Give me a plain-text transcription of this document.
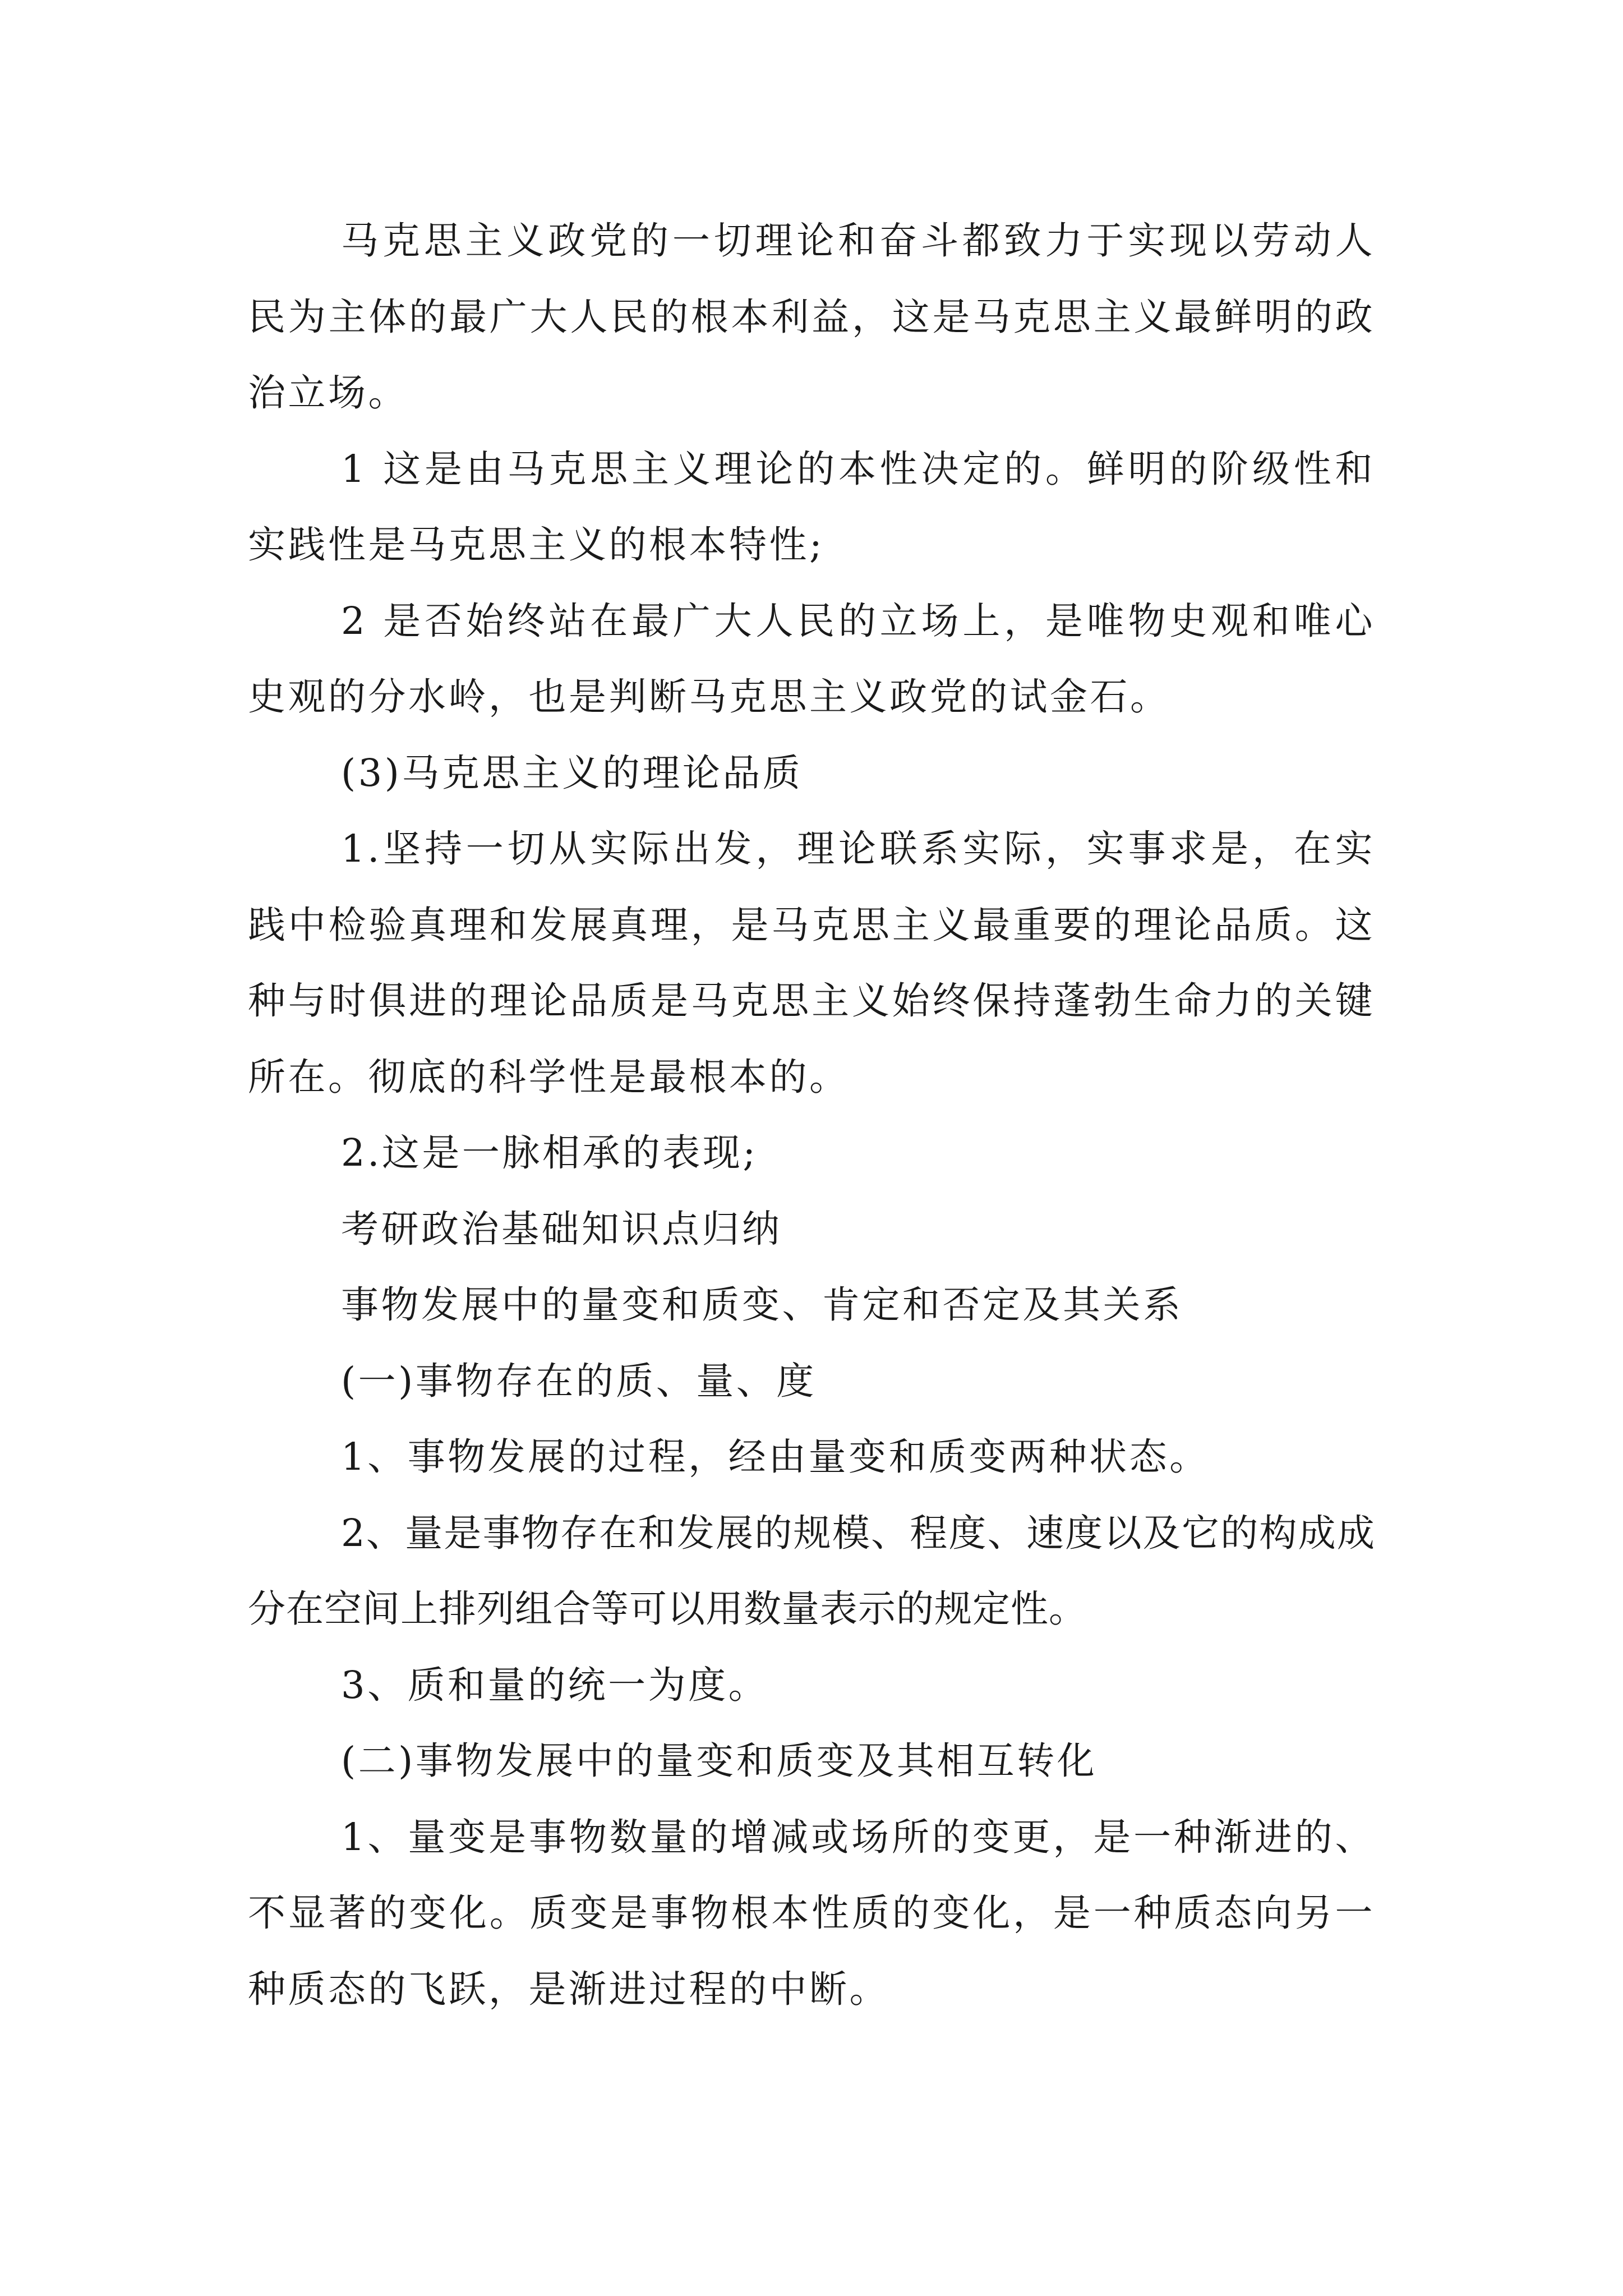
马克思主义政党的一切理论和奋斗都致力于实现以劳动人民为主体的最广大人民的根本利益，这是马克思主义最鲜明的政治立场。

1 这是由马克思主义理论的本性决定的。鲜明的阶级性和实践性是马克思主义的根本特性;

2 是否始终站在最广大人民的立场上，是唯物史观和唯心史观的分水岭，也是判断马克思主义政党的试金石。

(3)马克思主义的理论品质

1.坚持一切从实际出发，理论联系实际，实事求是，在实践中检验真理和发展真理，是马克思主义最重要的理论品质。这种与时俱进的理论品质是马克思主义始终保持蓬勃生命力的关键所在。彻底的科学性是最根本的。

2.这是一脉相承的表现;

考研政治基础知识点归纳

事物发展中的量变和质变、肯定和否定及其关系

(一)事物存在的质、量、度

1、事物发展的过程，经由量变和质变两种状态。

2、量是事物存在和发展的规模、程度、速度以及它的构成成分在空间上排列组合等可以用数量表示的规定性。

3、质和量的统一为度。

(二)事物发展中的量变和质变及其相互转化

1、量变是事物数量的增减或场所的变更，是一种渐进的、不显著的变化。质变是事物根本性质的变化，是一种质态向另一种质态的飞跃，是渐进过程的中断。
